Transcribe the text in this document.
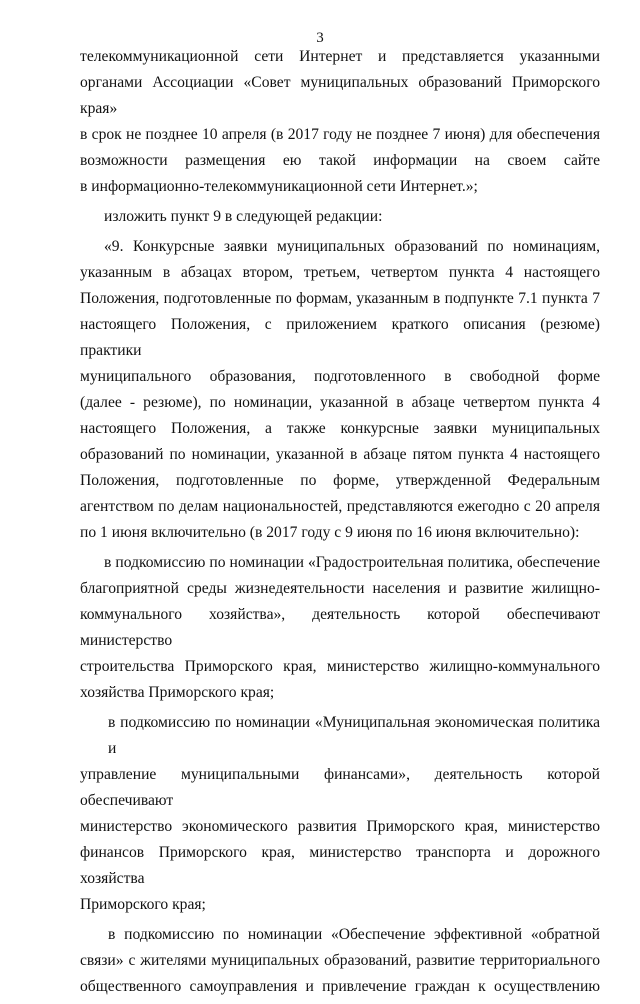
3
телекоммуникационной сети Интернет и представляется указанными
органами Ассоциации «Совет муниципальных образований Приморского края»
в срок не позднее 10 апреля (в 2017 году не позднее 7 июня) для обеспечения
возможности размещения ею такой информации на своем сайте
в информационно-телекоммуникационной сети Интернет.»;
изложить пункт 9 в следующей редакции:
«9. Конкурсные заявки муниципальных образований по номинациям,
указанным в абзацах втором, третьем, четвертом пункта 4 настоящего
Положения, подготовленные по формам, указанным в подпункте 7.1 пункта 7
настоящего Положения, с приложением краткого описания (резюме) практики
муниципального образования, подготовленного в свободной форме
(далее - резюме), по номинации, указанной в абзаце четвертом пункта 4
настоящего Положения, а также конкурсные заявки муниципальных
образований по номинации, указанной в абзаце пятом пункта 4 настоящего
Положения, подготовленные по форме, утвержденной Федеральным
агентством по делам национальностей, представляются ежегодно с 20 апреля
по 1 июня включительно (в 2017 году с 9 июня по 16 июня включительно):
в подкомиссию по номинации «Градостроительная политика, обеспечение
благоприятной среды жизнедеятельности населения и развитие жилищно-
коммунального хозяйства», деятельность которой обеспечивают министерство
строительства Приморского края, министерство жилищно-коммунального
хозяйства Приморского края;
в подкомиссию по номинации «Муниципальная экономическая политика и
управление муниципальными финансами», деятельность которой обеспечивают
министерство экономического развития Приморского края, министерство
финансов Приморского края, министерство транспорта и дорожного хозяйства
Приморского края;
в подкомиссию по номинации «Обеспечение эффективной «обратной
связи» с жителями муниципальных образований, развитие территориального
общественного самоуправления и привлечение граждан к осуществлению
